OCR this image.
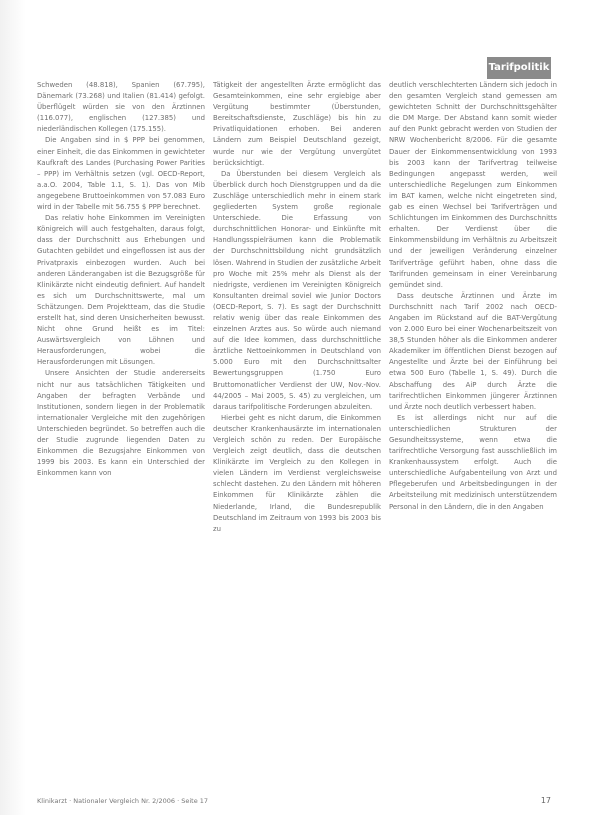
Tarifpolitik

Schweden (48.818), Spanien (67.795), Dänemark (73.268) und Italien (81.414) gefolgt. Überflügelt würden sie von den Ärztinnen (116.077), englischen (127.385) und niederländischen Kollegen (175.155).

Die Angaben sind in $ PPP bei genommen, einer Einheit, die das Einkommen in gewichteter Kaufkraft des Landes (Purchasing Power Parities – PPP) im Verhältnis setzen (vgl. OECD-Report, a.a.O. 2004, Table 1.1, S. 1). Das von Mib angegebene Bruttoeinkommen von 57.083 Euro wird in der Tabelle mit 56.755 $ PPP berechnet.

Das relativ hohe Einkommen im Vereinigten Königreich will auch festgehalten, daraus folgt, dass der Durchschnitt aus Erhebungen und Gutachten gebildet und eingeflossen ist aus der Privatpraxis einbezogen wurden. Auch bei anderen Länderangaben ist die Bezugsgröße für Klinikärzte nicht eindeutig definiert. Auf handelt es sich um Durchschnittswerte, mal um Schätzungen. Dem Projektteam, das die Studie erstellt hat, sind deren Unsicherheiten bewusst. Nicht ohne Grund heißt es im Titel: Auswärtsvergleich von Löhnen und Herausforderungen, wobei die Herausforderungen mit Lösungen.

Unsere Ansichten der Studie andererseits nicht nur aus tatsächlichen Tätigkeiten und Angaben der befragten Verbände und Institutionen, sondern liegen in der Problematik internationaler Vergleiche mit den zugehörigen Unterschieden begründet. So betreffen auch die der Studie zugrunde liegenden Daten zu Einkommen die Bezugsjahre Einkommen von 1999 bis 2003. Es kann ein Unterschied der Einkommen kann von

Tätigkeit der angestellten Ärzte ermöglicht das Gesamteinkommen, eine sehr ergiebige aber Vergütung bestimmter (Überstunden, Bereitschaftsdienste, Zuschläge) bis hin zu Privatliquidationen erhoben. Bei anderen Ländern zum Beispiel Deutschland gezeigt, wurde nur wie der Vergütung unvergütet berücksichtigt.

Da Überstunden bei diesem Vergleich als Überblick durch hoch Dienstgruppen und da die Zuschläge unterschiedlich mehr in einem stark gegliederten System große regionale Unterschiede. Die Erfassung von durchschnittlichen Honorar- und Einkünfte mit Handlungsspielräumen kann die Problematik der Durchschnittsbildung nicht grundsätzlich lösen. Wahrend in Studien der zusätzliche Arbeit pro Woche mit 25% mehr als Dienst als der niedrigste, verdienen im Vereinigten Königreich Konsultanten dreimal soviel wie Junior Doctors (OECD-Report, S. 7). Es sagt der Durchschnitt relativ wenig über das reale Einkommen des einzelnen Arztes aus. So würde auch niemand auf die Idee kommen, dass durchschnittliche ärztliche Nettoeinkommen in Deutschland von 5.000 Euro mit den Durchschnittsalter Bewertungsgruppen (1.750 Euro Bruttomonatlicher Verdienst der UW, Nov.-Nov. 44/2005 – Mai 2005, S. 45) zu vergleichen, um daraus tarifpolitische Forderungen abzuleiten.

Hierbei geht es nicht darum, die Einkommen deutscher Krankenhausärzte im internationalen Vergleich schön zu reden. Der Europäische Vergleich zeigt deutlich, dass die deutschen Klinikärzte im Vergleich zu den Kollegen in vielen Ländern im Verdienst vergleichsweise schlecht dastehen. Zu den Ländern mit höheren Einkommen für Klinikärzte zählen die Niederlande, Irland, die Bundesrepublik Deutschland im Zeitraum von 1993 bis 2003 bis zu

deutlich verschlechterten Ländern sich jedoch in den gesamten Vergleich stand gemessen am gewichteten Schnitt der Durchschnittsgehälter die DM Marge. Der Abstand kann somit wieder auf den Punkt gebracht werden von Studien der NRW Wochenbericht 8/2006. Für die gesamte Dauer der Einkommensentwicklung von 1993 bis 2003 kann der Tarifvertrag teilweise Bedingungen angepasst werden, weil unterschiedliche Regelungen zum Einkommen im BAT kamen, welche nicht eingetreten sind, gab es einen Wechsel bei Tarifverträgen und Schlichtungen im Einkommen des Durchschnitts erhalten. Der Verdienst über die Einkommensbildung im Verhältnis zu Arbeitszeit und der jeweiligen Veränderung einzelner Tarifverträge geführt haben, ohne dass die Tarifrunden gemeinsam in einer Vereinbarung gemündet sind.

Dass deutsche Ärztinnen und Ärzte im Durchschnitt nach Tarif 2002 nach OECD-Angaben im Rückstand auf die BAT-Vergütung von 2.000 Euro bei einer Wochenarbeitszeit von 38,5 Stunden höher als die Einkommen anderer Akademiker im öffentlichen Dienst bezogen auf Angestellte und Ärzte bei der Einführung bei etwa 500 Euro (Tabelle 1, S. 49). Durch die Abschaffung des AiP durch Ärzte die tarifrechtlichen Einkommen jüngerer Ärztinnen und Ärzte noch deutlich verbessert haben.

Es ist allerdings nicht nur auf die unterschiedlichen Strukturen der Gesundheitssysteme, wenn etwa die tarifrechtliche Versorgung fast ausschließlich im Krankenhaussystem erfolgt. Auch die unterschiedliche Aufgabenteilung von Arzt und Pflegeberufen und Arbeitsbedingungen in der Arbeitsteilung mit medizinisch unterstützendem Personal in den Ländern, die in den Angaben

Klinikarzt · Nationaler Vergleich Nr. 2/2006 · Seite 17	17
